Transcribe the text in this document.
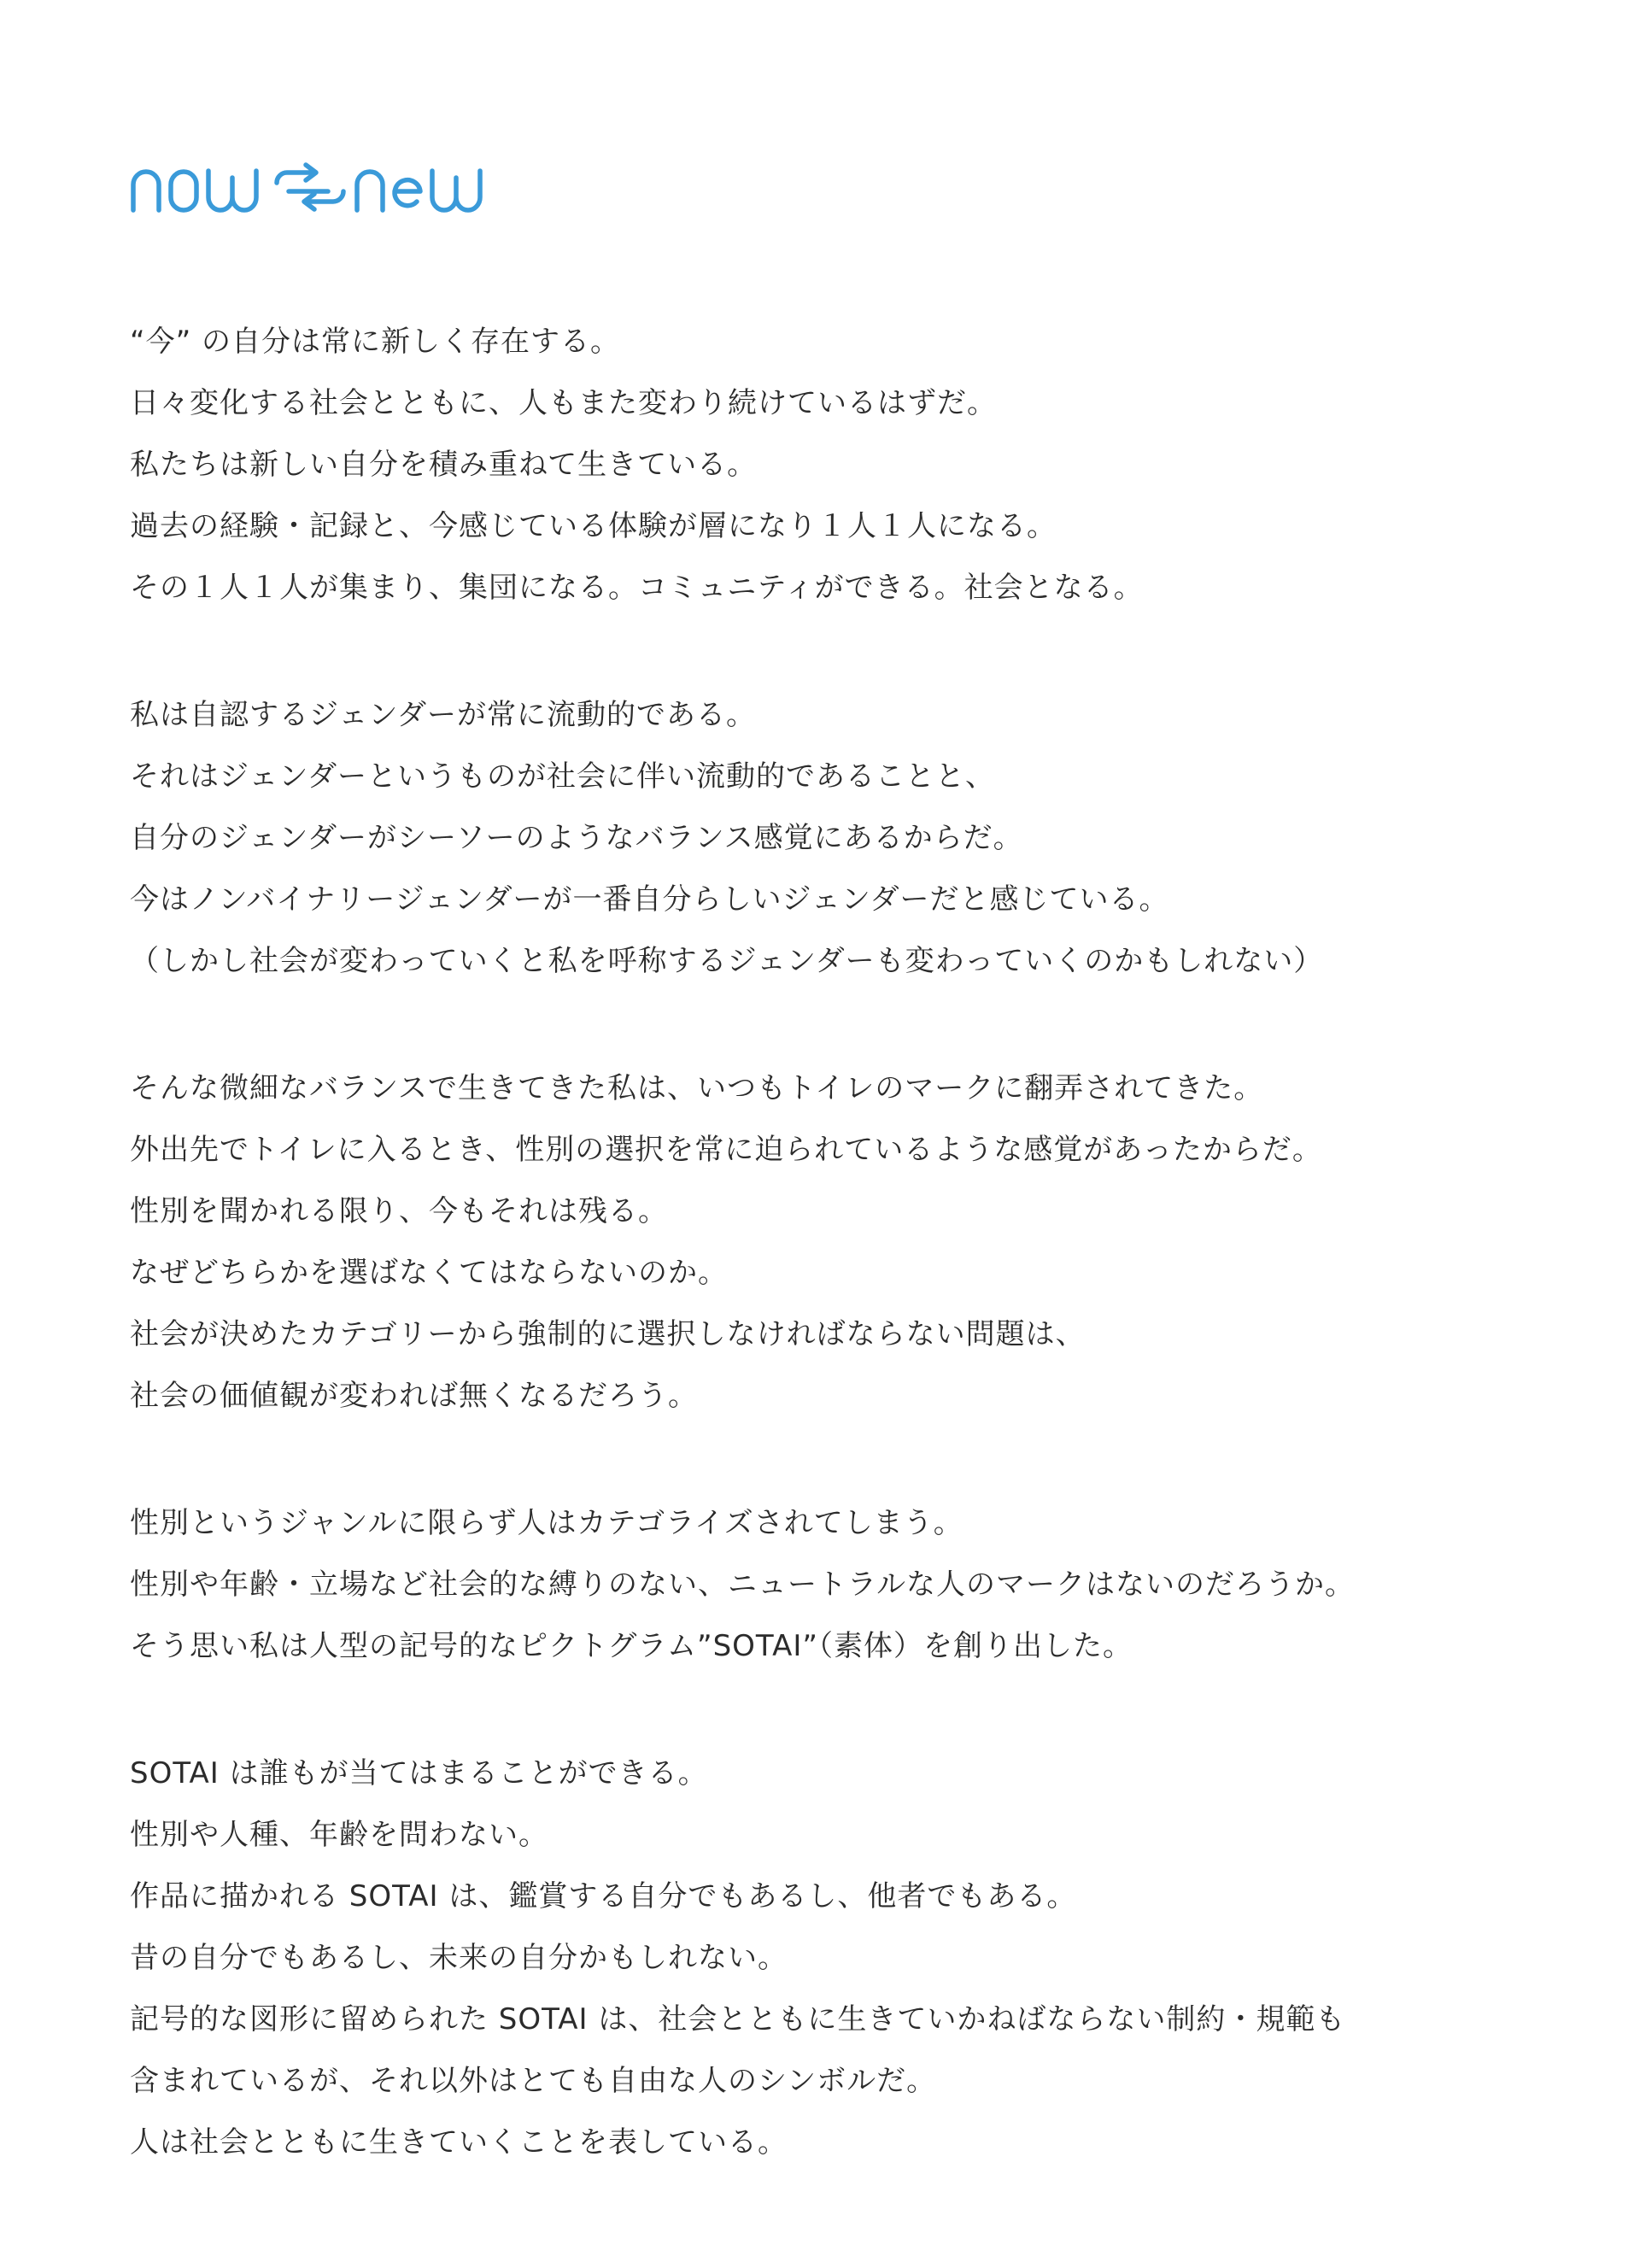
“今” の自分は常に新しく存在する。
日々変化する社会とともに、人もまた変わり続けているはずだ。
私たちは新しい自分を積み重ねて生きている。
過去の経験・記録と、今感じている体験が層になり１人１人になる。
その１人１人が集まり、集団になる。コミュニティができる。社会となる。
私は自認するジェンダーが常に流動的である。
それはジェンダーというものが社会に伴い流動的であることと、
自分のジェンダーがシーソーのようなバランス感覚にあるからだ。
今はノンバイナリージェンダーが一番自分らしいジェンダーだと感じている。
（しかし社会が変わっていくと私を呼称するジェンダーも変わっていくのかもしれない）
そんな微細なバランスで生きてきた私は、いつもトイレのマークに翻弄されてきた。
外出先でトイレに入るとき、性別の選択を常に迫られているような感覚があったからだ。
性別を聞かれる限り、今もそれは残る。
なぜどちらかを選ばなくてはならないのか。
社会が決めたカテゴリーから強制的に選択しなければならない問題は、
社会の価値観が変われば無くなるだろう。
性別というジャンルに限らず人はカテゴライズされてしまう。
性別や年齢・立場など社会的な縛りのない、ニュートラルな人のマークはないのだろうか。
そう思い私は人型の記号的なピクトグラム”SOTAI”（素体）を創り出した。
SOTAI は誰もが当てはまることができる。
性別や人種、年齢を問わない。
作品に描かれる SOTAI は、鑑賞する自分でもあるし、他者でもある。
昔の自分でもあるし、未来の自分かもしれない。
記号的な図形に留められた SOTAI は、社会とともに生きていかねばならない制約・規範も
含まれているが、それ以外はとても自由な人のシンボルだ。
人は社会とともに生きていくことを表している。
